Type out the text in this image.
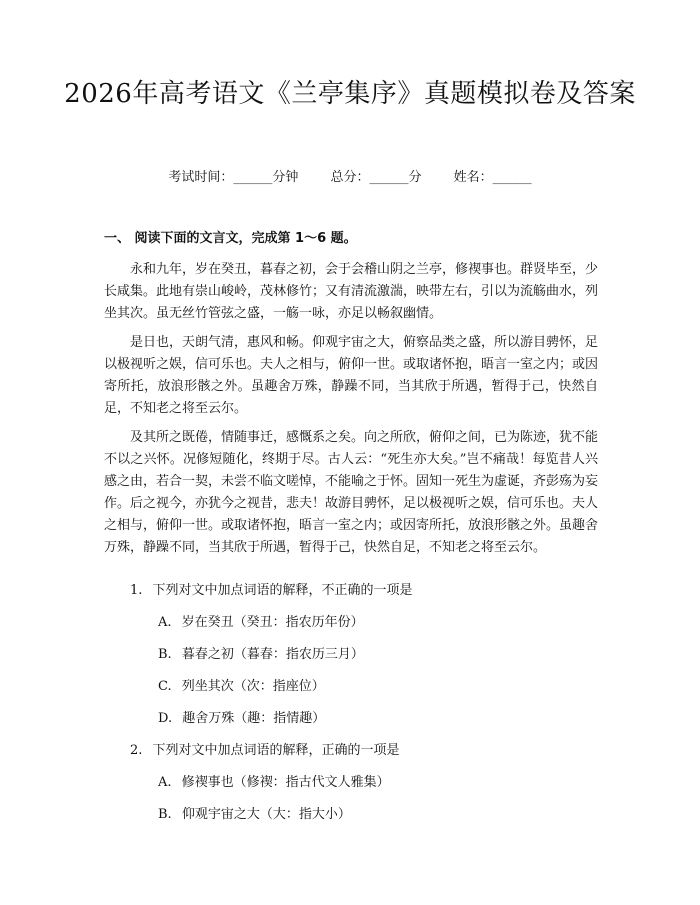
2026年高考语文《兰亭集序》真题模拟卷及答案
考试时间：______分钟 总分：______分 姓名：______
一、 阅读下面的文言文，完成第 1～6 题。

永和九年，岁在癸丑，暮春之初，会于会稽山阴之兰亭，修禊事也。群贤毕至，少长咸集。此地有崇山峻岭，茂林修竹；又有清流激湍，映带左右，引以为流觞曲水，列坐其次。虽无丝竹管弦之盛，一觞一咏，亦足以畅叙幽情。

是日也，天朗气清，惠风和畅。仰观宇宙之大，俯察品类之盛，所以游目骋怀，足以极视听之娱，信可乐也。夫人之相与，俯仰一世。或取诸怀抱，晤言一室之内；或因寄所托，放浪形骸之外。虽趣舍万殊，静躁不同，当其欣于所遇，暂得于己，快然自足，不知老之将至云尔。

及其所之既倦，情随事迁，感慨系之矣。向之所欣，俯仰之间，已为陈迹，犹不能不以之兴怀。况修短随化，终期于尽。古人云：“死生亦大矣。”岂不痛哉！每览昔人兴感之由，若合一契，未尝不临文嗟悼，不能喻之于怀。固知一死生为虚诞，齐彭殇为妄作。后之视今，亦犹今之视昔，悲夫！故游目骋怀，足以极视听之娱，信可乐也。夫人之相与，俯仰一世。或取诸怀抱，晤言一室之内；或因寄所托，放浪形骸之外。虽趣舍万殊，静躁不同，当其欣于所遇，暂得于己，快然自足，不知老之将至云尔。

1. 下列对文中加点词语的解释，不正确的一项是
A. 岁在癸丑（癸丑：指农历年份）
B. 暮春之初（暮春：指农历三月）
C. 列坐其次（次：指座位）
D. 趣舍万殊（趣：指情趣）
2. 下列对文中加点词语的解释，正确的一项是
A. 修禊事也（修禊：指古代文人雅集）
B. 仰观宇宙之大（大：指大小）
